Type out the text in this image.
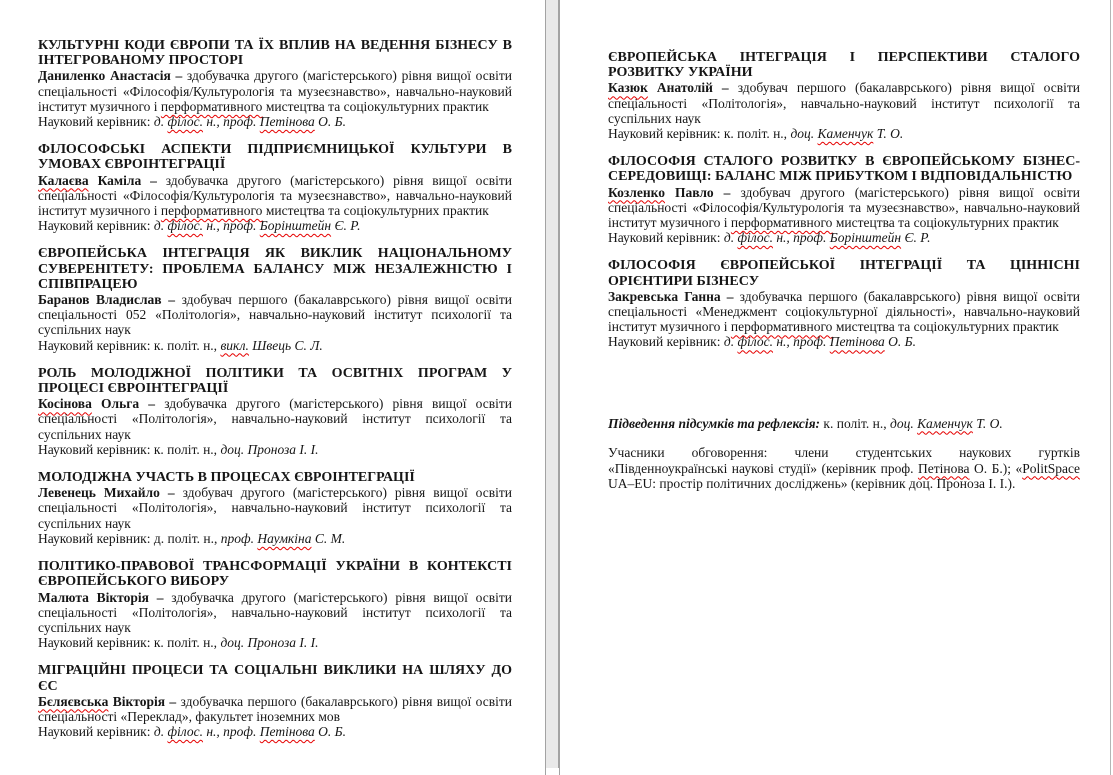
КУЛЬТУРНІ КОДИ ЄВРОПИ ТА ЇХ ВПЛИВ НА ВЕДЕННЯ БІЗНЕСУ В ІНТЕГРОВАНОМУ ПРОСТОРІ

Даниленко Анастасія – здобувачка другого (магістерського) рівня вищої освіти спеціальності «Філософія/Культурологія та музеєзнавство», навчально-науковий інститут музичного і перформативного мистецтва та соціокультурних практик

Науковий керівник: д. філос. н., проф. Петінова О. Б.

ФІЛОСОФСЬКІ АСПЕКТИ ПІДПРИЄМНИЦЬКОЇ КУЛЬТУРИ В УМОВАХ ЄВРОІНТЕГРАЦІЇ

Калаєва Каміла – здобувачка другого (магістерського) рівня вищої освіти спеціальності «Філософія/Культурологія та музеєзнавство», навчально-науковий інститут музичного і перформативного мистецтва та соціокультурних практик

Науковий керівник: д. філос. н., проф. Борінштейн Є. Р.

ЄВРОПЕЙСЬКА ІНТЕГРАЦІЯ ЯК ВИКЛИК НАЦІОНАЛЬНОМУ СУВЕРЕНІТЕТУ: ПРОБЛЕМА БАЛАНСУ МІЖ НЕЗАЛЕЖНІСТЮ І СПІВПРАЦЕЮ

Баранов Владислав – здобувач першого (бакалаврського) рівня вищої освіти спеціальності 052 «Політологія», навчально-науковий інститут психології та суспільних наук

Науковий керівник: к. політ. н., викл. Швець С. Л.

РОЛЬ МОЛОДІЖНОЇ ПОЛІТИКИ ТА ОСВІТНІХ ПРОГРАМ У ПРОЦЕСІ ЄВРОІНТЕГРАЦІЇ

Косінова Ольга – здобувачка другого (магістерського) рівня вищої освіти спеціальності «Політологія», навчально-науковий інститут психології та суспільних наук

Науковий керівник: к. політ. н., доц. Проноза І. І.

МОЛОДІЖНА УЧАСТЬ В ПРОЦЕСАХ ЄВРОІНТЕГРАЦІЇ

Левенець Михайло – здобувач другого (магістерського) рівня вищої освіти спеціальності «Політологія», навчально-науковий інститут психології та суспільних наук

Науковий керівник: д. політ. н., проф. Наумкіна С. М.

ПОЛІТИКО-ПРАВОВОЇ ТРАНСФОРМАЦІЇ УКРАЇНИ В КОНТЕКСТІ ЄВРОПЕЙСЬКОГО ВИБОРУ

Малюта Вікторія – здобувачка другого (магістерського) рівня вищої освіти спеціальності «Політологія», навчально-науковий інститут психології та суспільних наук

Науковий керівник: к. політ. н., доц. Проноза І. І.

МІГРАЦІЙНІ ПРОЦЕСИ ТА СОЦІАЛЬНІ ВИКЛИКИ НА ШЛЯХУ ДО ЄС

Бєляєвська Вікторія – здобувачка першого (бакалаврського) рівня вищої освіти спеціальності «Переклад», факультет іноземних мов

Науковий керівник: д. філос. н., проф. Петінова О. Б.

ЄВРОПЕЙСЬКА ІНТЕГРАЦІЯ І ПЕРСПЕКТИВИ СТАЛОГО РОЗВИТКУ УКРАЇНИ

Казюк Анатолій – здобувач першого (бакалаврського) рівня вищої освіти спеціальності «Політологія», навчально-науковий інститут психології та суспільних наук

Науковий керівник: к. політ. н., доц. Каменчук Т. О.

ФІЛОСОФІЯ СТАЛОГО РОЗВИТКУ В ЄВРОПЕЙСЬКОМУ БІЗНЕС-СЕРЕДОВИЩІ: БАЛАНС МІЖ ПРИБУТКОМ І ВІДПОВІДАЛЬНІСТЮ

Козленко Павло – здобувач другого (магістерського) рівня вищої освіти спеціальності «Філософія/Культурологія та музеєзнавство», навчально-науковий інститут музичного і перформативного мистецтва та соціокультурних практик

Науковий керівник: д. філос. н., проф. Борінштейн Є. Р.

ФІЛОСОФІЯ ЄВРОПЕЙСЬКОЇ ІНТЕГРАЦІЇ ТА ЦІННІСНІ ОРІЄНТИРИ БІЗНЕСУ

Закревська Ганна – здобувачка першого (бакалаврського) рівня вищої освіти спеціальності «Менеджмент соціокультурної діяльності», навчально-науковий інститут музичного і перформативного мистецтва та соціокультурних практик

Науковий керівник: д. філос. н., проф. Петінова О. Б.

Підведення підсумків та рефлексія: к. політ. н., доц. Каменчук Т. О.

Учасники обговорення: члени студентських наукових гуртків «Південноукраїнські наукові студії» (керівник проф. Петінова О. Б.); «PolitSpace UA–EU: простір політичних досліджень» (керівник доц. Проноза І. І.).
